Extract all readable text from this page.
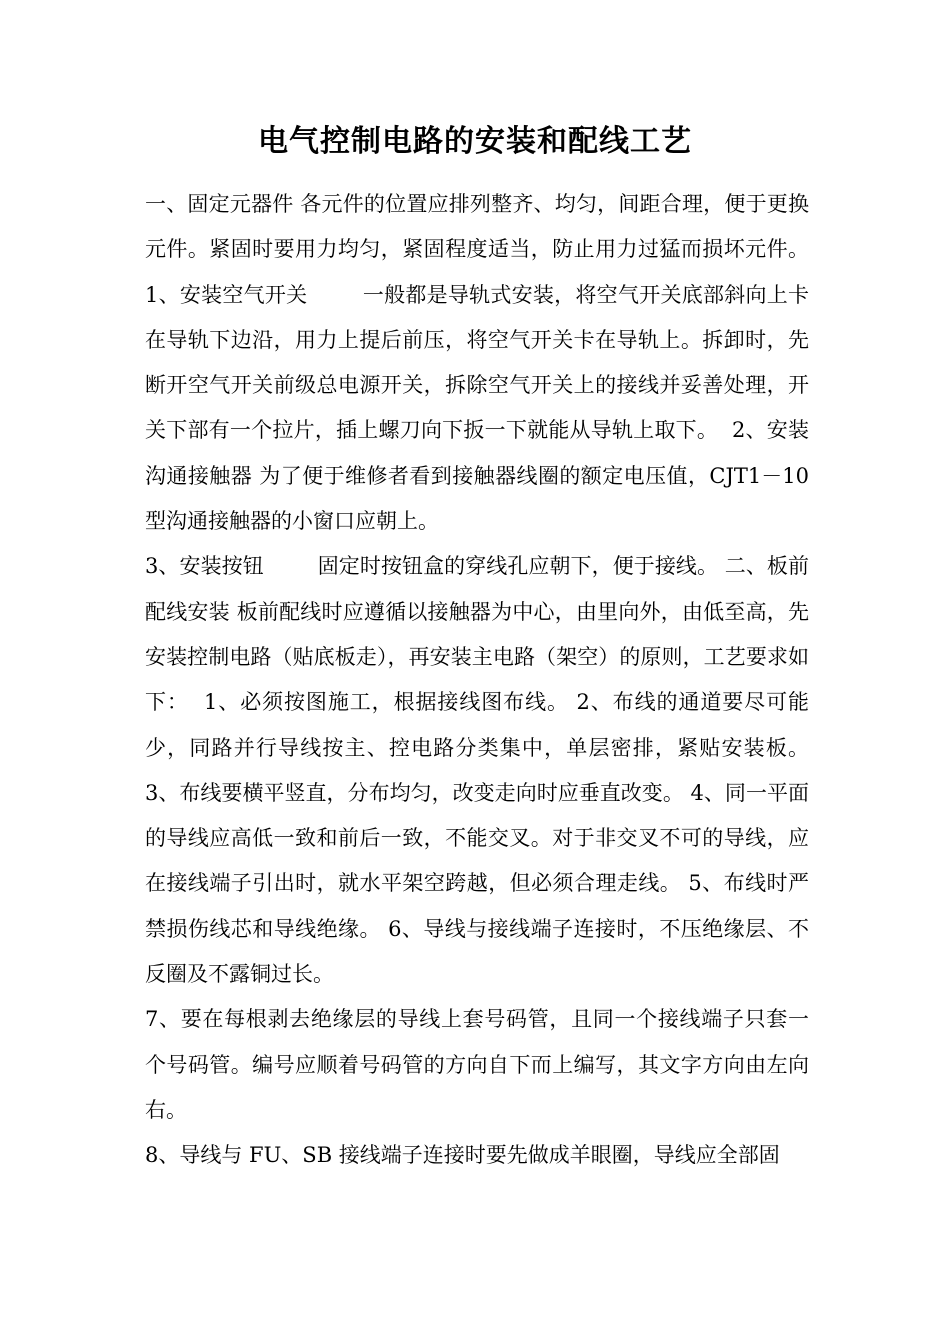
电气控制电路的安装和配线工艺

一、固定元器件 各元件的位置应排列整齐、均匀，间距合理，便于更换元件。紧固时要用力均匀，紧固程度适当，防止用力过猛而损坏元件。 1、安装空气开关        一般都是导轨式安装，将空气开关底部斜向上卡在导轨下边沿，用力上提后前压，将空气开关卡在导轨上。拆卸时，先断开空气开关前级总电源开关，拆除空气开关上的接线并妥善处理，开关下部有一个拉片，插上螺刀向下扳一下就能从导轨上取下。  2、安装沟通接触器 为了便于维修者看到接触器线圈的额定电压值，CJT1－10 型沟通接触器的小窗口应朝上。

3、安装按钮        固定时按钮盒的穿线孔应朝下，便于接线。 二、板前配线安装 板前配线时应遵循以接触器为中心，由里向外，由低至高，先安装控制电路（贴底板走），再安装主电路（架空）的原则，工艺要求如下：  1、必须按图施工，根据接线图布线。 2、布线的通道要尽可能少，同路并行导线按主、控电路分类集中，单层密排，紧贴安装板。 3、布线要横平竖直，分布均匀，改变走向时应垂直改变。 4、同一平面的导线应高低一致和前后一致，不能交叉。对于非交叉不可的导线，应在接线端子引出时，就水平架空跨越，但必须合理走线。 5、布线时严禁损伤线芯和导线绝缘。 6、导线与接线端子连接时，不压绝缘层、不反圈及不露铜过长。

7、要在每根剥去绝缘层的导线上套号码管，且同一个接线端子只套一个号码管。编号应顺着号码管的方向自下而上编写，其文字方向由左向右。

8、导线与 FU、SB 接线端子连接时要先做成羊眼圈，导线应全部固
